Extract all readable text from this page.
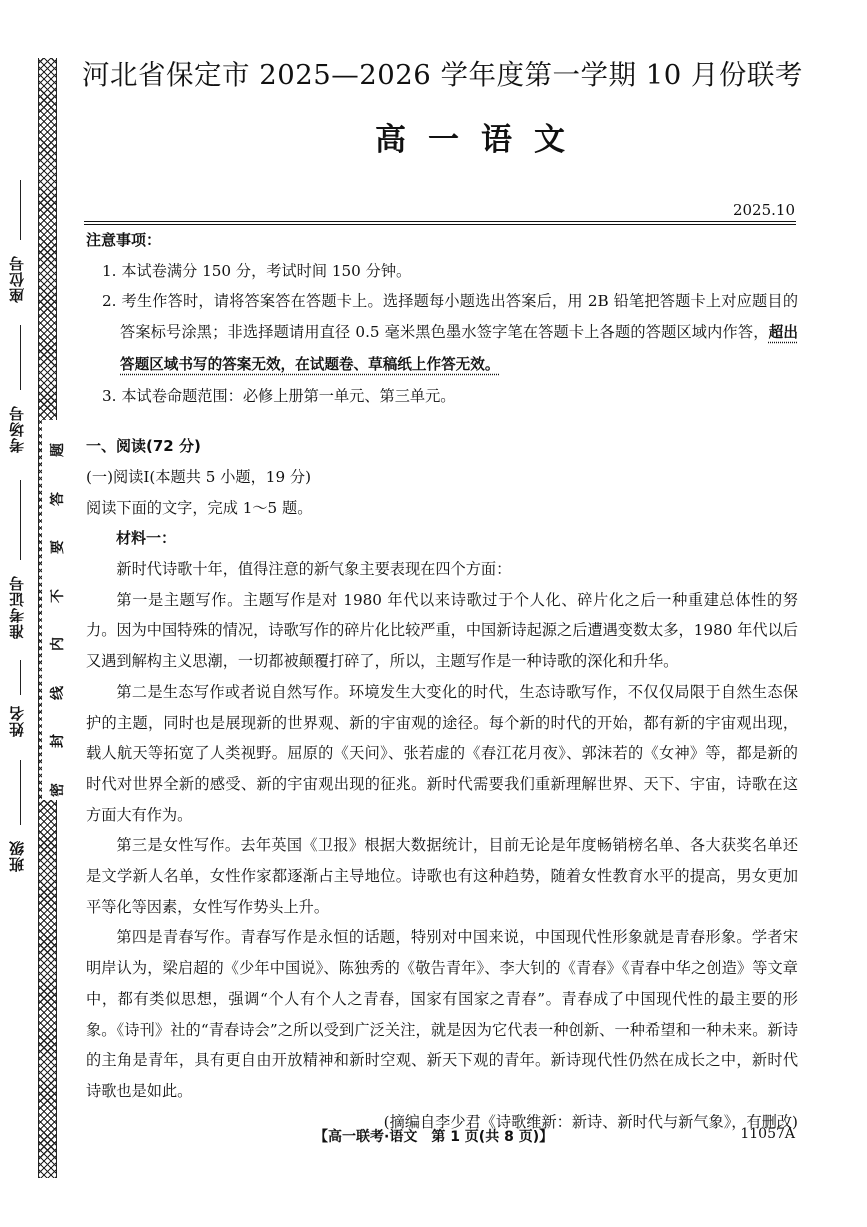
座位号
考场号
准考证号
姓名
班级
题
答
要
不
内
线
封
密
河北省保定市 2025—2026 学年度第一学期 10 月份联考
高一语文
2025.10

注意事项：

1. 本试卷满分 150 分，考试时间 150 分钟。

2. 考生作答时，请将答案答在答题卡上。选择题每小题选出答案后，用 2B 铅笔把答题卡上对应题目的答案标号涂黑；非选择题请用直径 0.5 毫米黑色墨水签字笔在答题卡上各题的答题区域内作答，超出答题区域书写的答案无效，在试题卷、草稿纸上作答无效。

3. 本试卷命题范围：必修上册第一单元、第三单元。

一、阅读(72 分)

(一)阅读Ⅰ(本题共 5 小题，19 分)

阅读下面的文字，完成 1～5 题。

材料一：

新时代诗歌十年，值得注意的新气象主要表现在四个方面：

第一是主题写作。主题写作是对 1980 年代以来诗歌过于个人化、碎片化之后一种重建总体性的努力。因为中国特殊的情况，诗歌写作的碎片化比较严重，中国新诗起源之后遭遇变数太多，1980 年代以后又遇到解构主义思潮，一切都被颠覆打碎了，所以，主题写作是一种诗歌的深化和升华。

第二是生态写作或者说自然写作。环境发生大变化的时代，生态诗歌写作，不仅仅局限于自然生态保护的主题，同时也是展现新的世界观、新的宇宙观的途径。每个新的时代的开始，都有新的宇宙观出现，载人航天等拓宽了人类视野。屈原的《天问》、张若虚的《春江花月夜》、郭沫若的《女神》等，都是新的时代对世界全新的感受、新的宇宙观出现的征兆。新时代需要我们重新理解世界、天下、宇宙，诗歌在这方面大有作为。

第三是女性写作。去年英国《卫报》根据大数据统计，目前无论是年度畅销榜名单、各大获奖名单还是文学新人名单，女性作家都逐渐占主导地位。诗歌也有这种趋势，随着女性教育水平的提高，男女更加平等化等因素，女性写作势头上升。

第四是青春写作。青春写作是永恒的话题，特别对中国来说，中国现代性形象就是青春形象。学者宋明岸认为，梁启超的《少年中国说》、陈独秀的《敬告青年》、李大钊的《青春》《青春中华之创造》等文章中，都有类似思想，强调“个人有个人之青春，国家有国家之青春”。青春成了中国现代性的最主要的形象。《诗刊》社的“青春诗会”之所以受到广泛关注，就是因为它代表一种创新、一种希望和一种未来。新诗的主角是青年，具有更自由开放精神和新时空观、新天下观的青年。新诗现代性仍然在成长之中，新时代诗歌也是如此。

(摘编自李少君《诗歌维新：新诗、新时代与新气象》，有删改)

【高一联考·语文　第 1 页(共 8 页)】	11057A
